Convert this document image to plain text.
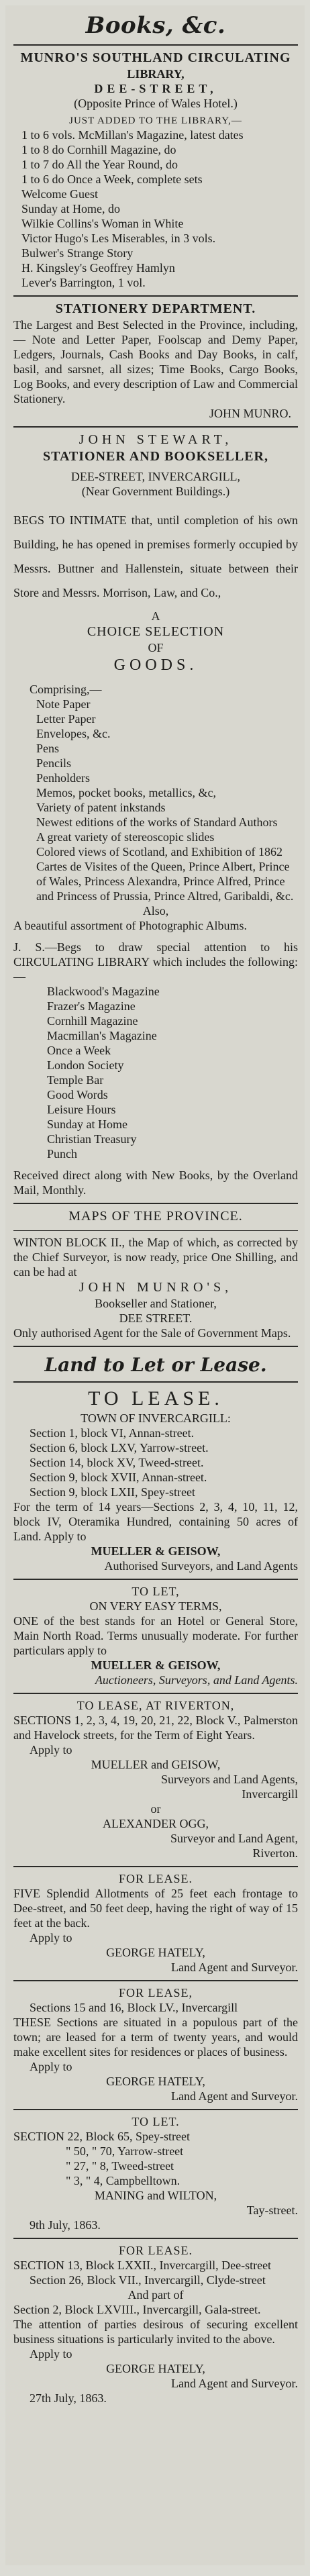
Books, &c.

MUNRO'S SOUTHLAND CIRCULATING

LIBRARY,

DEE-STREET,

(Opposite Prince of Wales Hotel.)

JUST ADDED TO THE LIBRARY,—

1 to 6 vols. McMillan's Magazine, latest dates

1 to 8 do Cornhill Magazine, do

1 to 7 do All the Year Round, do

1 to 6 do Once a Week, complete sets

Welcome Guest

Sunday at Home, do

Wilkie Collins's Woman in White

Victor Hugo's Les Miserables, in 3 vols.

Bulwer's Strange Story

H. Kingsley's Geoffrey Hamlyn

Lever's Barrington, 1 vol.

STATIONERY DEPARTMENT.

The Largest and Best Selected in the Province, including,— Note and Letter Paper, Foolscap and Demy Paper, Ledgers, Journals, Cash Books and Day Books, in calf, basil, and sarsnet, all sizes; Time Books, Cargo Books, Log Books, and every description of Law and Commercial Stationery.

JOHN MUNRO.

JOHN STEWART,

STATIONER AND BOOKSELLER,

DEE-STREET, INVERCARGILL,

(Near Government Buildings.)

BEGS TO INTIMATE that, until completion of his own Building, he has opened in premises formerly occupied by Messrs. Buttner and Hallenstein, situate between their Store and Messrs. Morrison, Law, and Co.,

A

CHOICE SELECTION

OF

GOODS.

Comprising,—

Note Paper

Letter Paper

Envelopes, &c.

Pens

Pencils

Penholders

Memos, pocket books, metallics, &c,

Variety of patent inkstands

Newest editions of the works of Standard Authors

A great variety of stereoscopic slides

Colored views of Scotland, and Exhibition of 1862

Cartes de Visites of the Queen, Prince Albert, Prince of Wales, Princess Alexandra, Prince Alfred, Prince and Princess of Prussia, Prince Altred, Garibaldi, &c.

Also,

A beautiful assortment of Photographic Albums.

J. S.—Begs to draw special attention to his CIRCULATING LIBRARY which includes the following:—

Blackwood's Magazine

Frazer's Magazine

Cornhill Magazine

Macmillan's Magazine

Once a Week

London Society

Temple Bar

Good Words

Leisure Hours

Sunday at Home

Christian Treasury

Punch

Received direct along with New Books, by the Overland Mail, Monthly.

MAPS OF THE PROVINCE.

WINTON BLOCK II., the Map of which, as corrected by the Chief Surveyor, is now ready, price One Shilling, and can be had at

JOHN MUNRO'S,

Bookseller and Stationer,

DEE STREET.

Only authorised Agent for the Sale of Government Maps.

Land to Let or Lease.

TO LEASE.

TOWN OF INVERCARGILL:

Section 1, block VI, Annan-street.

Section 6, block LXV, Yarrow-street.

Section 14, block XV, Tweed-street.

Section 9, block XVII, Annan-street.

Section 9, block LXII, Spey-street

For the term of 14 years—Sections 2, 3, 4, 10, 11, 12, block IV, Oteramika Hundred, containing 50 acres of Land. Apply to

MUELLER & GEISOW,

Authorised Surveyors, and Land Agents

TO LET,

ON VERY EASY TERMS,

ONE of the best stands for an Hotel or General Store, Main North Road. Terms unusually moderate. For further particulars apply to

MUELLER & GEISOW,

Auctioneers, Surveyors, and Land Agents.

TO LEASE, AT RIVERTON,

SECTIONS 1, 2, 3, 4, 19, 20, 21, 22, Block V., Palmerston and Havelock streets, for the Term of Eight Years.

Apply to

MUELLER and GEISOW,

Surveyors and Land Agents,

Invercargill

or

ALEXANDER OGG,

Surveyor and Land Agent,

Riverton.

FOR LEASE.

FIVE Splendid Allotments of 25 feet each frontage to Dee-street, and 50 feet deep, having the right of way of 15 feet at the back.

Apply to

GEORGE HATELY,

Land Agent and Surveyor.

FOR LEASE,

Sections 15 and 16, Block LV., Invercargill

THESE Sections are situated in a populous part of the town; are leased for a term of twenty years, and would make excellent sites for residences or places of business.

Apply to

GEORGE HATELY,

Land Agent and Surveyor.

TO LET.

SECTION 22, Block 65, Spey-street

" 50, " 70, Yarrow-street

" 27, " 8, Tweed-street

" 3, " 4, Campbelltown.

MANING and WILTON,

Tay-street.

9th July, 1863.

FOR LEASE.

SECTION 13, Block LXXII., Invercargill, Dee-street

Section 26, Block VII., Invercargill, Clyde-street

And part of

Section 2, Block LXVIII., Invercargill, Gala-street.

The attention of parties desirous of securing excellent business situations is particularly invited to the above.

Apply to

GEORGE HATELY,

Land Agent and Surveyor.

27th July, 1863.
